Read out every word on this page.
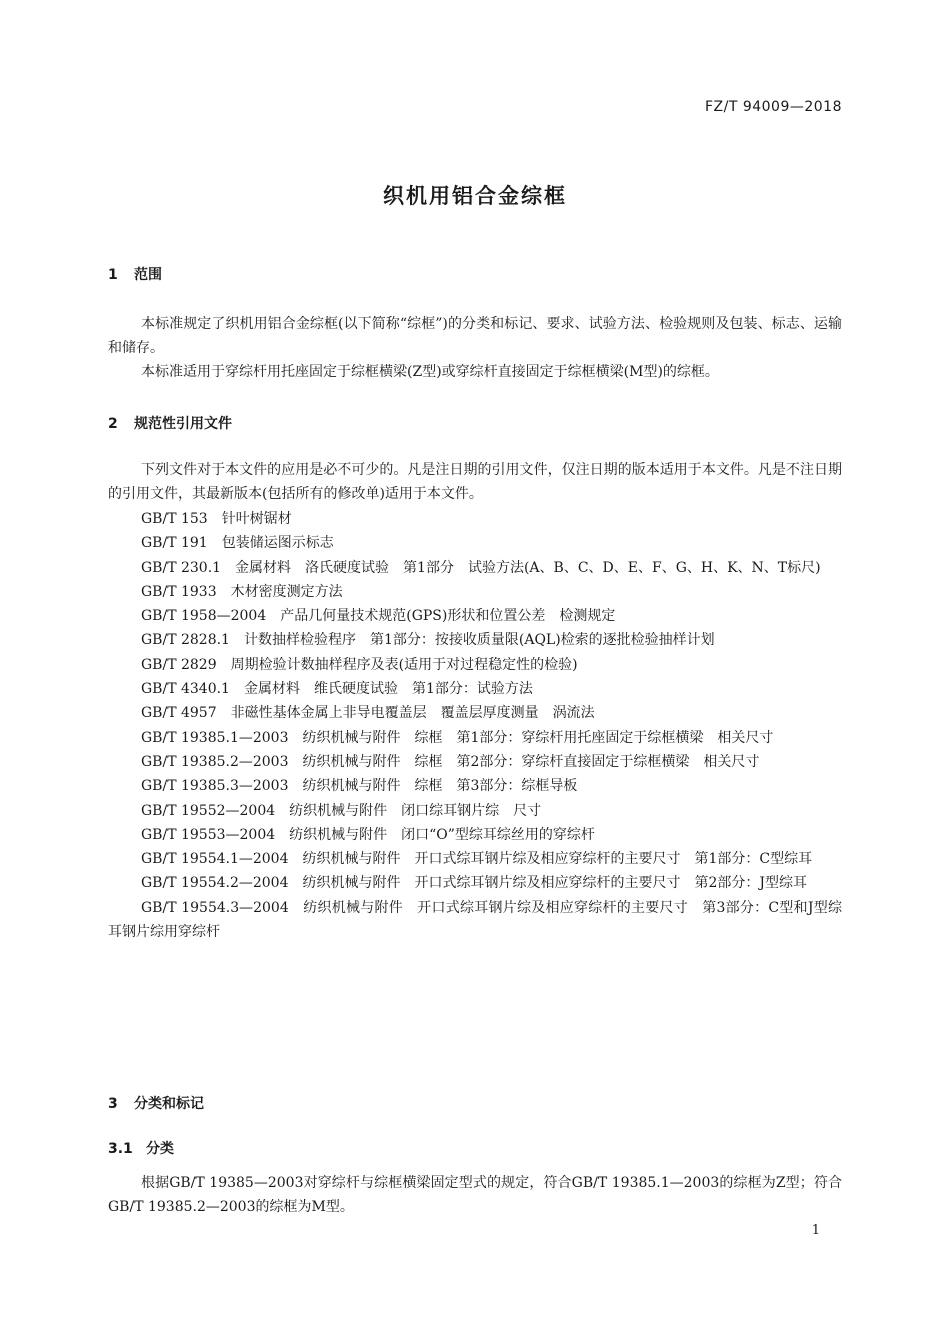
FZ/T 94009—2018
织机用铝合金综框
1 范围
本标准规定了织机用铝合金综框(以下简称“综框”)的分类和标记、要求、试验方法、检验规则及包装、标志、运输和储存。
本标准适用于穿综杆用托座固定于综框横梁(Z型)或穿综杆直接固定于综框横梁(M型)的综框。
2 规范性引用文件
下列文件对于本文件的应用是必不可少的。凡是注日期的引用文件，仅注日期的版本适用于本文件。凡是不注日期的引用文件，其最新版本(包括所有的修改单)适用于本文件。
GB/T 153　针叶树锯材
GB/T 191　包装储运图示标志
GB/T 230.1　金属材料　洛氏硬度试验　第1部分　试验方法(A、B、C、D、E、F、G、H、K、N、T标尺)
GB/T 1933　木材密度测定方法
GB/T 1958—2004　产品几何量技术规范(GPS)形状和位置公差　检测规定
GB/T 2828.1　计数抽样检验程序　第1部分：按接收质量限(AQL)检索的逐批检验抽样计划
GB/T 2829　周期检验计数抽样程序及表(适用于对过程稳定性的检验)
GB/T 4340.1　金属材料　维氏硬度试验　第1部分：试验方法
GB/T 4957　非磁性基体金属上非导电覆盖层　覆盖层厚度测量　涡流法
GB/T 19385.1—2003　纺织机械与附件　综框　第1部分：穿综杆用托座固定于综框横梁　相关尺寸
GB/T 19385.2—2003　纺织机械与附件　综框　第2部分：穿综杆直接固定于综框横梁　相关尺寸
GB/T 19385.3—2003　纺织机械与附件　综框　第3部分：综框导板
GB/T 19552—2004　纺织机械与附件　闭口综耳钢片综　尺寸
GB/T 19553—2004　纺织机械与附件　闭口“O”型综耳综丝用的穿综杆
GB/T 19554.1—2004　纺织机械与附件　开口式综耳钢片综及相应穿综杆的主要尺寸　第1部分：C型综耳
GB/T 19554.2—2004　纺织机械与附件　开口式综耳钢片综及相应穿综杆的主要尺寸　第2部分：J型综耳
GB/T 19554.3—2004　纺织机械与附件　开口式综耳钢片综及相应穿综杆的主要尺寸　第3部分：C型和J型综耳钢片综用穿综杆
3 分类和标记
3.1 分类
根据GB/T 19385—2003对穿综杆与综框横梁固定型式的规定，符合GB/T 19385.1—2003的综框为Z型；符合GB/T 19385.2—2003的综框为M型。
1
